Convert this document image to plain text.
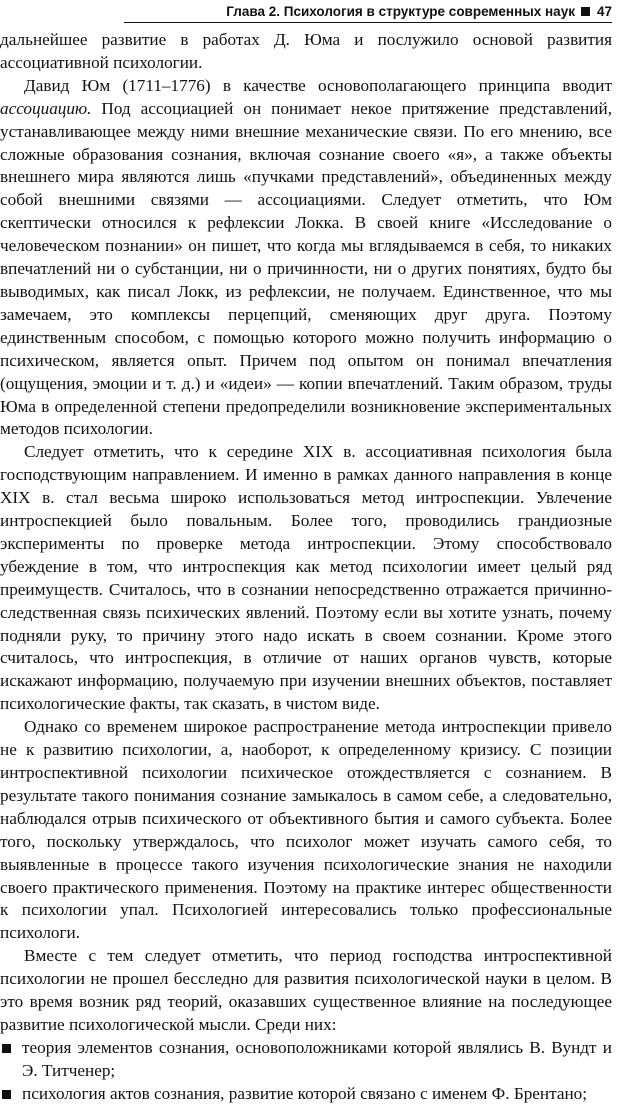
Глава 2. Психология в структуре современных наук 47

дальнейшее развитие в работах Д. Юма и послужило основой развития ассоциативной психологии.

Давид Юм (1711–1776) в качестве основополагающего принципа вводит ассоциацию. Под ассоциацией он понимает некое притяжение представлений, устанавливающее между ними внешние механические связи. По его мнению, все сложные образования сознания, включая сознание своего «я», а также объекты внешнего мира являются лишь «пучками представлений», объединенных между собой внешними связями — ассоциациями. Следует отметить, что Юм скептически относился к рефлексии Локка. В своей книге «Исследование о человеческом познании» он пишет, что когда мы вглядываемся в себя, то никаких впечатлений ни о субстанции, ни о причинности, ни о других понятиях, будто бы выводимых, как писал Локк, из рефлексии, не получаем. Единственное, что мы замечаем, это комплексы перцепций, сменяющих друг друга. Поэтому единственным способом, с помощью которого можно получить информацию о психическом, является опыт. Причем под опытом он понимал впечатления (ощущения, эмоции и т. д.) и «идеи» — копии впечатлений. Таким образом, труды Юма в определенной степени предопределили возникновение экспериментальных методов психологии.

Следует отметить, что к середине XIX в. ассоциативная психология была господствующим направлением. И именно в рамках данного направления в конце XIX в. стал весьма широко использоваться метод интроспекции. Увлечение интроспекцией было повальным. Более того, проводились грандиозные эксперименты по проверке метода интроспекции. Этому способствовало убеждение в том, что интроспекция как метод психологии имеет целый ряд преимуществ. Считалось, что в сознании непосредственно отражается причинно-следственная связь психических явлений. Поэтому если вы хотите узнать, почему подняли руку, то причину этого надо искать в своем сознании. Кроме этого считалось, что интроспекция, в отличие от наших органов чувств, которые искажают информацию, получаемую при изучении внешних объектов, поставляет психологические факты, так сказать, в чистом виде.

Однако со временем широкое распространение метода интроспекции привело не к развитию психологии, а, наоборот, к определенному кризису. С позиции интроспективной психологии психическое отождествляется с сознанием. В результате такого понимания сознание замыкалось в самом себе, а следовательно, наблюдался отрыв психического от объективного бытия и самого субъекта. Более того, поскольку утверждалось, что психолог может изучать самого себя, то выявленные в процессе такого изучения психологические знания не находили своего практического применения. Поэтому на практике интерес общественности к психологии упал. Психологией интересовались только профессиональные психологи.

Вместе с тем следует отметить, что период господства интроспективной психологии не прошел бесследно для развития психологической науки в целом. В это время возник ряд теорий, оказавших существенное влияние на последующее развитие психологической мысли. Среди них:

теория элементов сознания, основоположниками которой являлись В. Вундт и Э. Титченер;
психология актов сознания, развитие которой связано с именем Ф. Брентано;
